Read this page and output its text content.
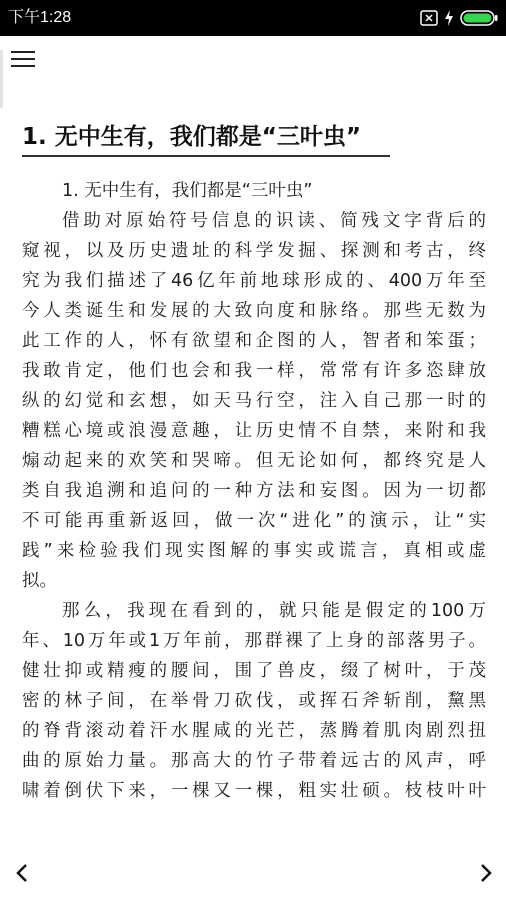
下午1:28
1. 无中生有，我们都是“三叶虫”

1. 无中生有，我们都是“三叶虫”

借助对原始符号信息的识读、简残文字背后的
窥视，以及历史遗址的科学发掘、探测和考古，终
究为我们描述了46亿年前地球形成的、400万年至
今人类诞生和发展的大致向度和脉络。那些无数为
此工作的人，怀有欲望和企图的人，智者和笨蛋；
我敢肯定，他们也会和我一样，常常有许多恣肆放
纵的幻觉和玄想，如天马行空，注入自己那一时的
糟糕心境或浪漫意趣，让历史情不自禁，来附和我
煽动起来的欢笑和哭啼。但无论如何，都终究是人
类自我追溯和追问的一种方法和妄图。因为一切都
不可能再重新返回，做一次“进化”的演示，让“实
践”来检验我们现实图解的事实或谎言，真相或虚
拟。

那么，我现在看到的，就只能是假定的100万
年、10万年或1万年前，那群裸了上身的部落男子。
健壮抑或精瘦的腰间，围了兽皮，缀了树叶，于茂
密的林子间，在举骨刀砍伐，或挥石斧斩削，黧黑
的脊背滚动着汗水腥咸的光芒，蒸腾着肌肉剧烈扭
曲的原始力量。那高大的竹子带着远古的风声，呼
啸着倒伏下来，一棵又一棵，粗实壮硕。枝枝叶叶
